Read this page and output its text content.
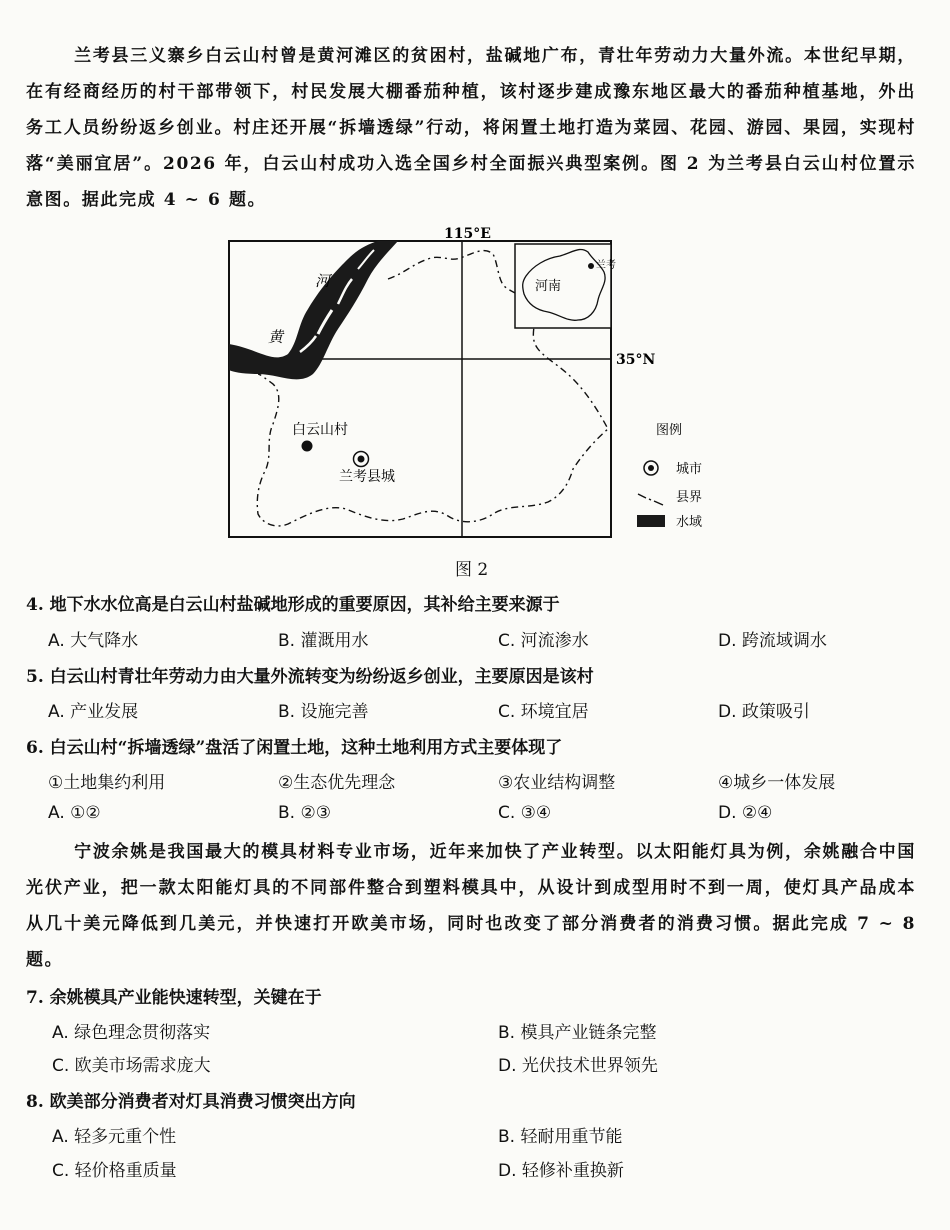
兰考县三义寨乡白云山村曾是黄河滩区的贫困村，盐碱地广布，青壮年劳动力大量外流。本世纪早期，在有经商经历的村干部带领下，村民发展大棚番茄种植，该村逐步建成豫东地区最大的番茄种植基地，外出务工人员纷纷返乡创业。村庄还开展“拆墙透绿”行动，将闲置土地打造为菜园、花园、游园、果园，实现村落“美丽宜居”。2026 年，白云山村成功入选全国乡村全面振兴典型案例。图 2 为兰考县白云山村位置示意图。据此完成 4 ~ 6 题。

115°E
35°N
河
黄
兰考
河南
白云山村
兰考县城
图例
城市
县界
水域

图 2

4. 地下水水位高是白云山村盐碱地形成的重要原因，其补给主要来源于

A. 大气降水	B. 灌溉用水	C. 河流渗水	D. 跨流域调水

5. 白云山村青壮年劳动力由大量外流转变为纷纷返乡创业，主要原因是该村

A. 产业发展	B. 设施完善	C. 环境宜居	D. 政策吸引

6. 白云山村“拆墙透绿”盘活了闲置土地，这种土地利用方式主要体现了

①土地集约利用	②生态优先理念	③农业结构调整	④城乡一体发展

A. ①②	B. ②③	C. ③④	D. ②④

宁波余姚是我国最大的模具材料专业市场，近年来加快了产业转型。以太阳能灯具为例，余姚融合中国光伏产业，把一款太阳能灯具的不同部件整合到塑料模具中，从设计到成型用时不到一周，使灯具产品成本从几十美元降低到几美元，并快速打开欧美市场，同时也改变了部分消费者的消费习惯。据此完成 7 ~ 8 题。

7. 余姚模具产业能快速转型，关键在于

A. 绿色理念贯彻落实	B. 模具产业链条完整

C. 欧美市场需求庞大	D. 光伏技术世界领先

8. 欧美部分消费者对灯具消费习惯突出方向

A. 轻多元重个性	B. 轻耐用重节能

C. 轻价格重质量	D. 轻修补重换新
